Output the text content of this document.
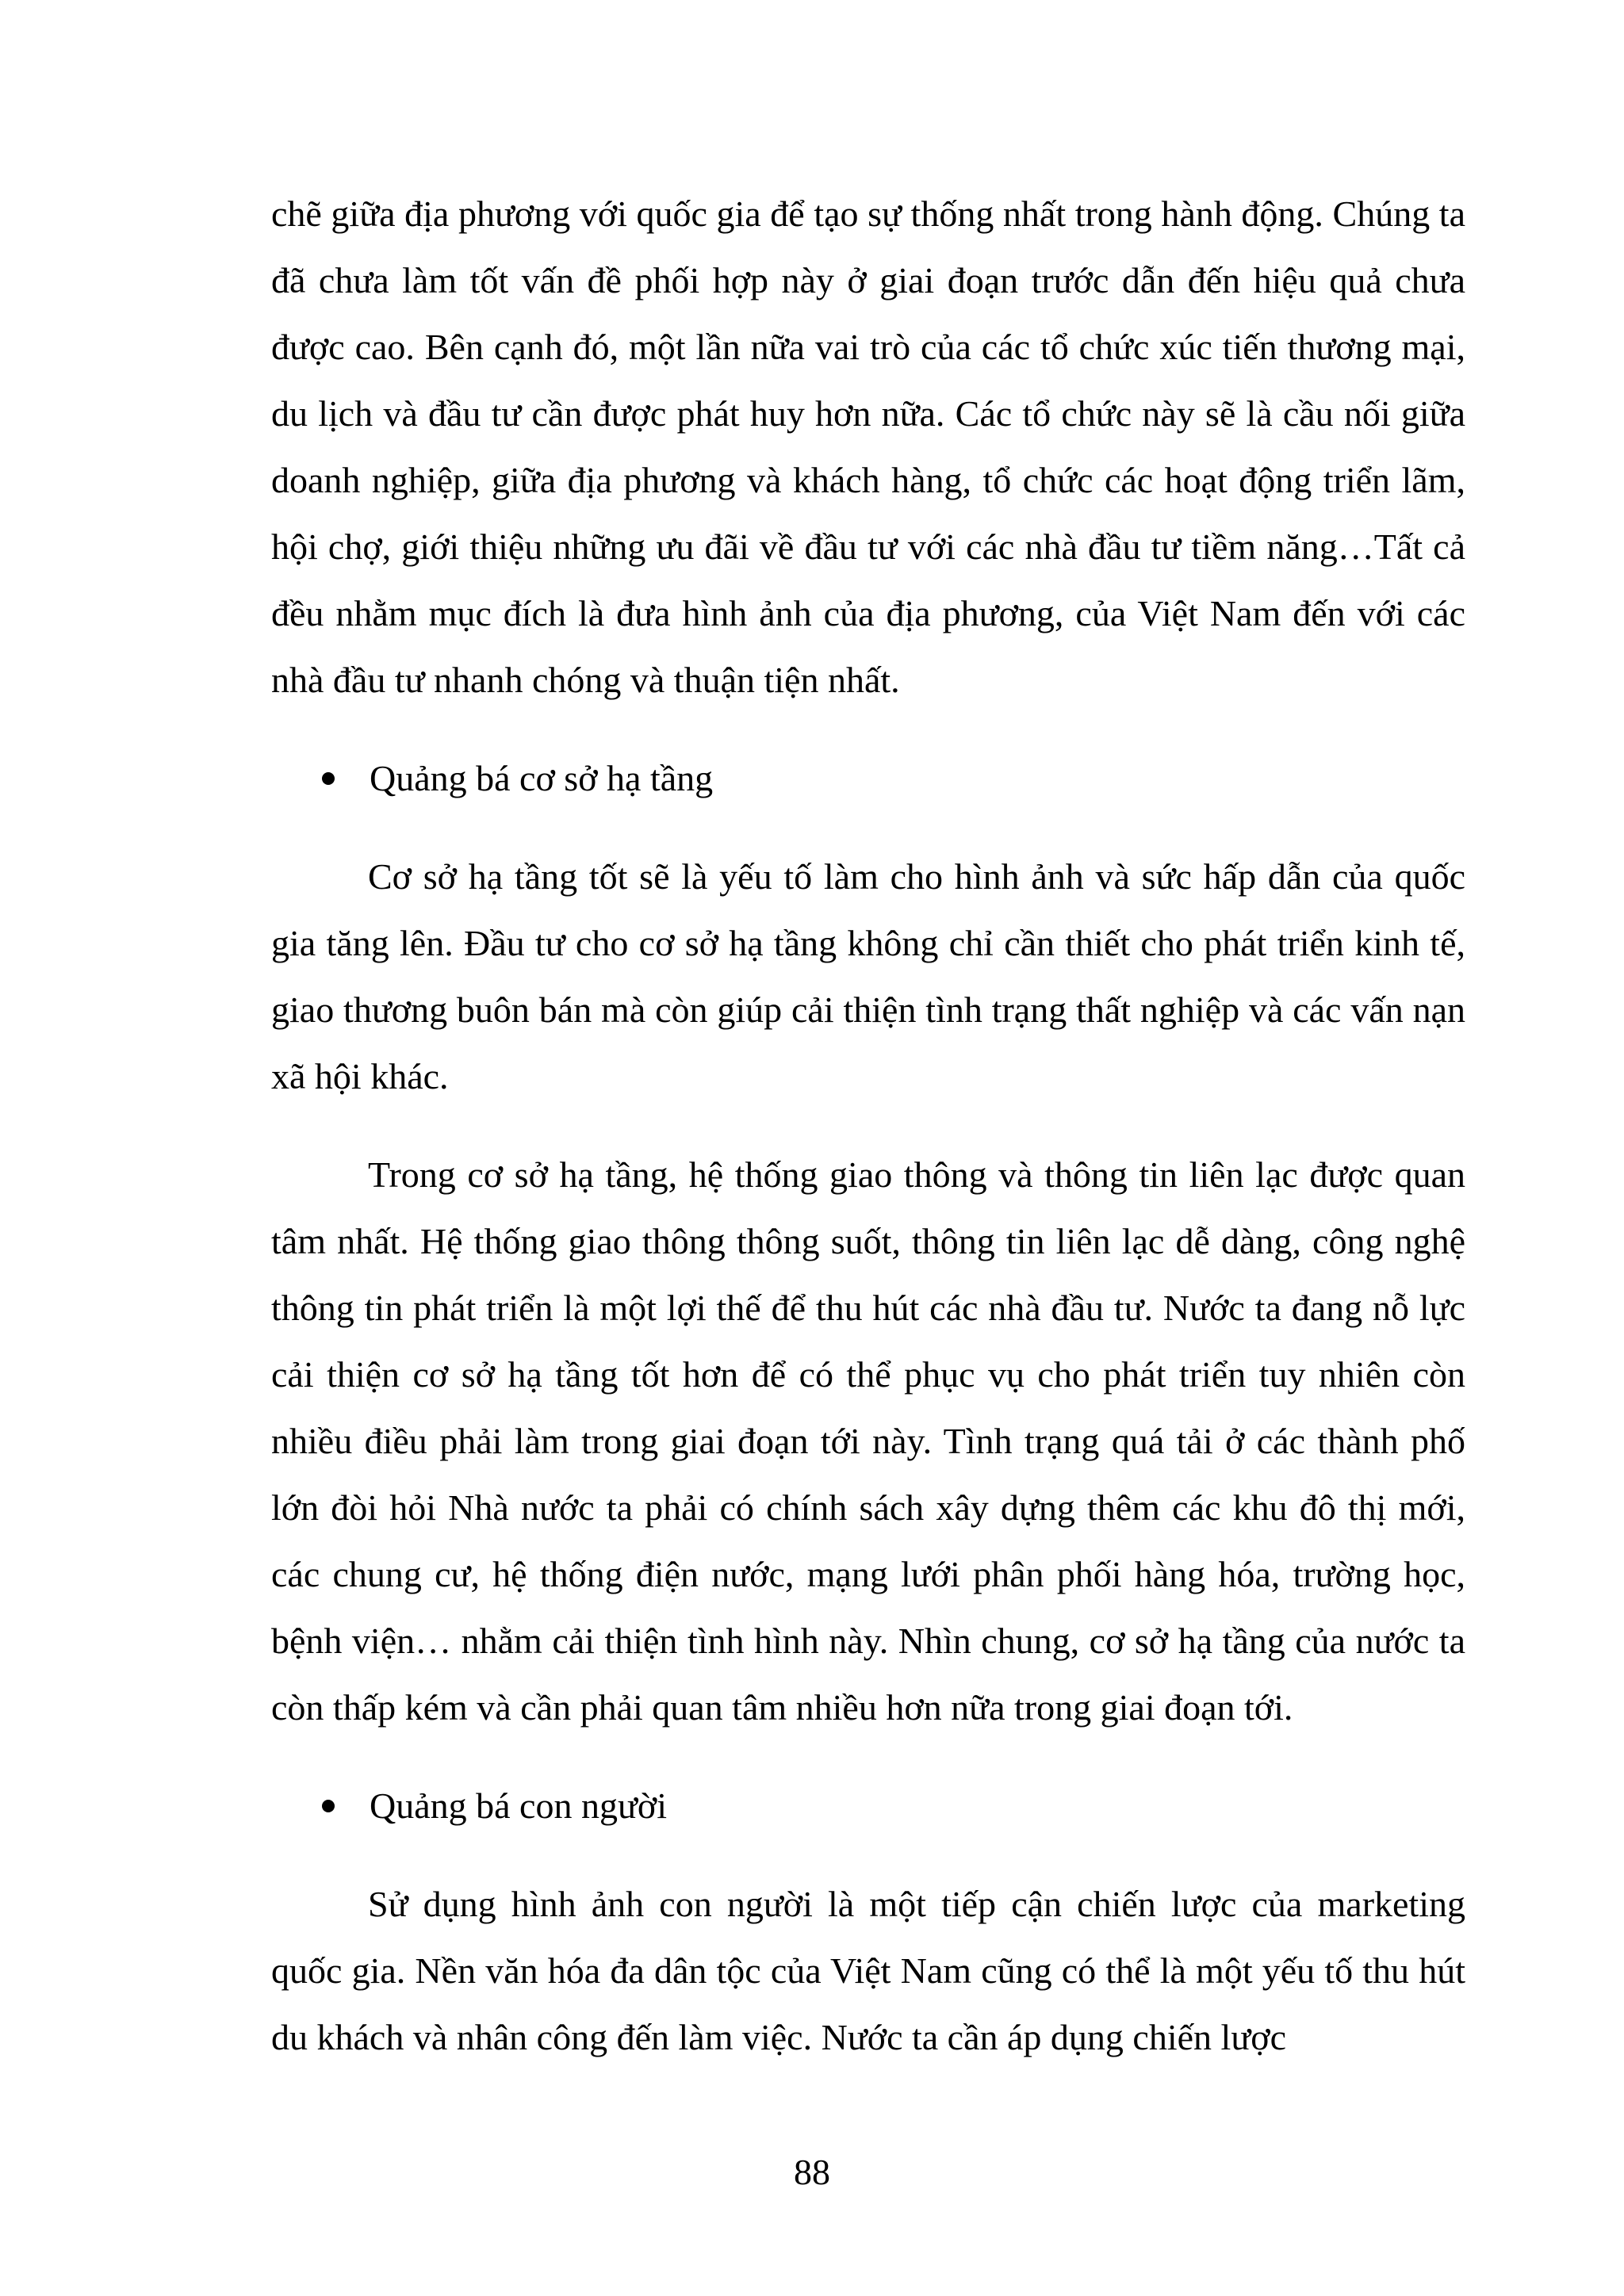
chẽ giữa địa phương với quốc gia để tạo sự thống nhất trong hành động. Chúng ta đã chưa làm tốt vấn đề phối hợp này ở giai đoạn trước dẫn đến hiệu quả chưa được cao. Bên cạnh đó, một lần nữa vai trò của các tổ chức xúc tiến thương mại, du lịch và đầu tư cần được phát huy hơn nữa. Các tổ chức này sẽ là cầu nối giữa doanh nghiệp, giữa địa phương và khách hàng, tổ chức các hoạt động triển lãm, hội chợ, giới thiệu những ưu đãi về đầu tư với các nhà đầu tư tiềm năng…Tất cả đều nhằm mục đích là đưa hình ảnh của địa phương, của Việt Nam đến với các nhà đầu tư nhanh chóng và thuận tiện nhất.

Quảng bá cơ sở hạ tầng

Cơ sở hạ tầng tốt sẽ là yếu tố làm cho hình ảnh và sức hấp dẫn của quốc gia tăng lên. Đầu tư cho cơ sở hạ tầng không chỉ cần thiết cho phát triển kinh tế, giao thương buôn bán mà còn giúp cải thiện tình trạng thất nghiệp và các vấn nạn xã hội khác.

Trong cơ sở hạ tầng, hệ thống giao thông và thông tin liên lạc được quan tâm nhất. Hệ thống giao thông thông suốt, thông tin liên lạc dễ dàng, công nghệ thông tin phát triển là một lợi thế để thu hút các nhà đầu tư. Nước ta đang nỗ lực cải thiện cơ sở hạ tầng tốt hơn để có thể phục vụ cho phát triển tuy nhiên còn nhiều điều phải làm trong giai đoạn tới này. Tình trạng quá tải ở các thành phố lớn đòi hỏi Nhà nước ta phải có chính sách xây dựng thêm các khu đô thị mới, các chung cư, hệ thống điện nước, mạng lưới phân phối hàng hóa, trường học, bệnh viện… nhằm cải thiện tình hình này. Nhìn chung, cơ sở hạ tầng của nước ta còn thấp kém và cần phải quan tâm nhiều hơn nữa trong giai đoạn tới.

Quảng bá con người

Sử dụng hình ảnh con người là một tiếp cận chiến lược của marketing quốc gia. Nền văn hóa đa dân tộc của Việt Nam cũng có thể là một yếu tố thu hút du khách và nhân công đến làm việc. Nước ta cần áp dụng chiến lược

88
